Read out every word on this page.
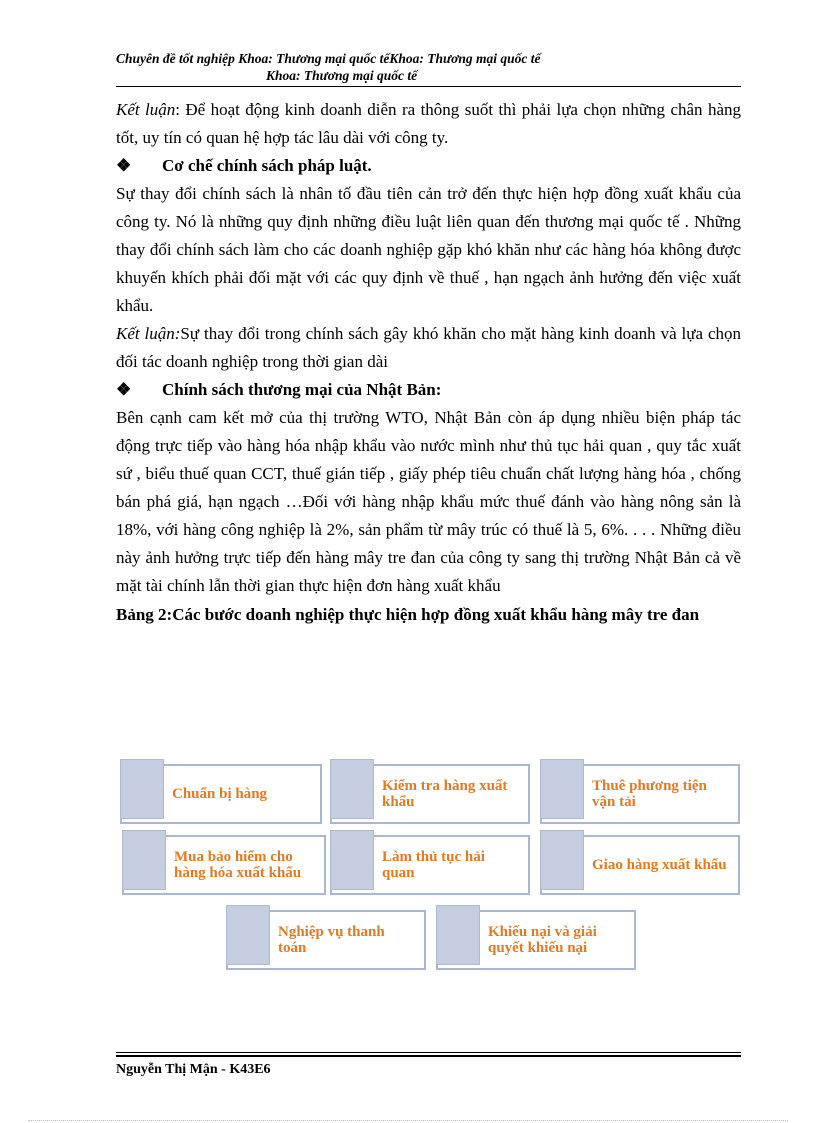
Chuyên đề tốt nghiệp Khoa: Thương mại quốc tếKhoa: Thương mại quốc tế
Khoa: Thương mại quốc tế

Kết luận: Để hoạt động kinh doanh diễn ra thông suốt thì phải lựa chọn những chân hàng tốt, uy tín có quan hệ hợp tác lâu dài với công ty.

❖ Cơ chế chính sách pháp luật.

Sự thay đổi chính sách là nhân tố đầu tiên cản trở đến thực hiện hợp đồng xuất khẩu của công ty. Nó là những quy định những điều luật liên quan đến thương mại quốc tế . Những thay đổi chính sách làm cho các doanh nghiệp gặp khó khăn như các hàng hóa không được khuyến khích phải đối mặt với các quy định về thuế , hạn ngạch ảnh hưởng đến việc xuất khẩu.

Kết luận:Sự thay đổi trong chính sách gây khó khăn cho mặt hàng kinh doanh và lựa chọn đối tác doanh nghiệp trong thời gian dài

❖ Chính sách thương mại của Nhật Bản:

Bên cạnh cam kết mở của thị trường WTO, Nhật Bản còn áp dụng nhiều biện pháp tác động trực tiếp vào hàng hóa nhập khẩu vào nước mình như thủ tục hải quan , quy tắc xuất sứ , biểu thuế quan CCT, thuế gián tiếp , giấy phép tiêu chuẩn chất lượng hàng hóa , chống bán phá giá, hạn ngạch …Đối với hàng nhập khẩu mức thuế đánh vào hàng nông sản là 18%, với hàng công nghiệp là 2%, sản phẩm từ mây trúc có thuế là 5, 6%. . . . Những điều này ảnh hưởng trực tiếp đến hàng mây tre đan của công ty sang thị trường Nhật Bản cả về mặt tài chính lẫn thời gian thực hiện đơn hàng xuất khẩu

Bảng 2:Các bước doanh nghiệp thực hiện hợp đồng xuất khẩu hàng mây tre đan

Chuẩn bị hàng	Kiểm tra hàng xuất khẩu
Thuê phương tiện vận tải
Mua bảo hiểm cho hàng hóa xuất khẩu
Làm thủ tục hải quan	Giao hàng xuất khẩu
Nghiệp vụ thanh toán
Khiếu nại và giải quyết khiếu nại
Nguyễn Thị Mận - K43E6
